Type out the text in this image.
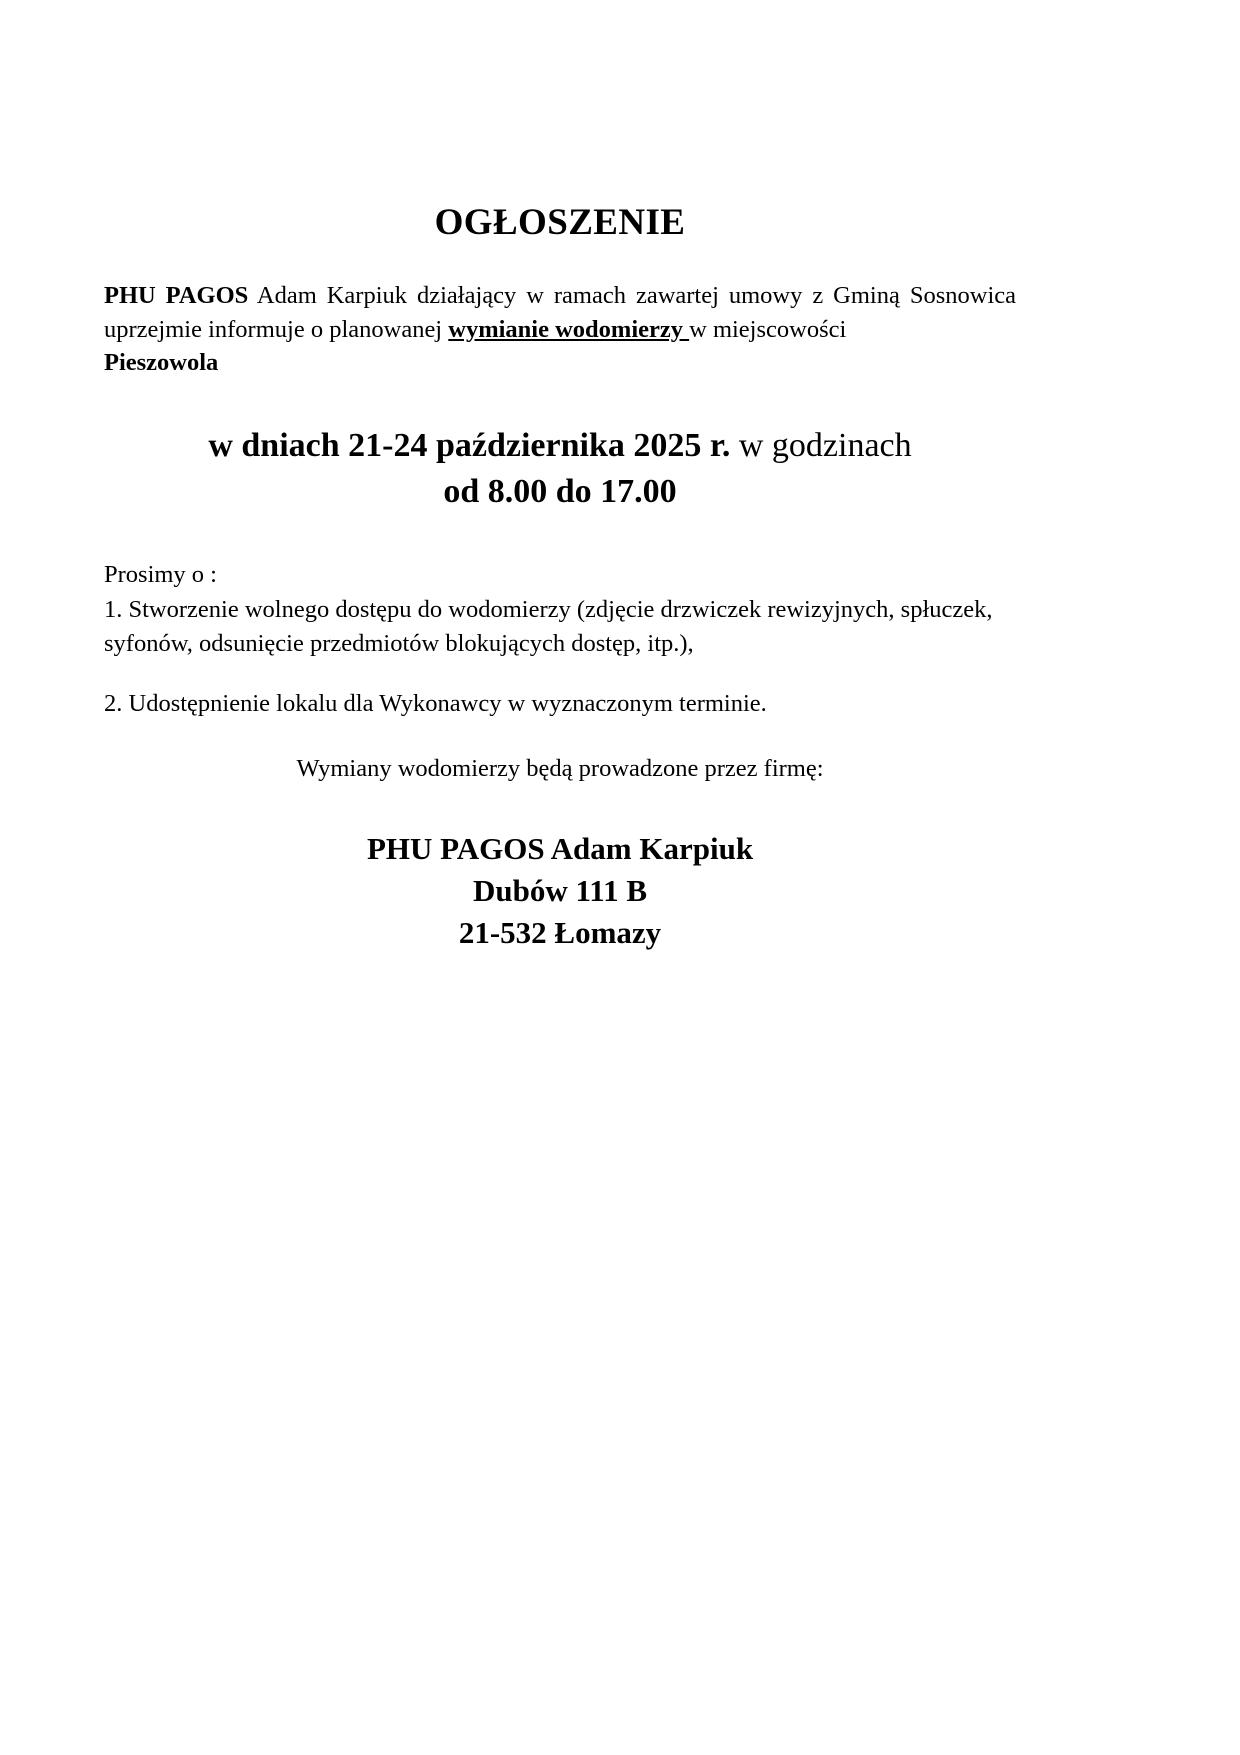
OGŁOSZENIE

PHU PAGOS Adam Karpiuk działający w ramach zawartej umowy z Gminą Sosnowica uprzejmie informuje o planowanej wymianie wodomierzy w miejscowości

Pieszowola

w dniach 21-24 października 2025 r. w godzinach
od 8.00 do 17.00

Prosimy o :

1. Stworzenie wolnego dostępu do wodomierzy (zdjęcie drzwiczek rewizyjnych, spłuczek, syfonów, odsunięcie przedmiotów blokujących dostęp, itp.),

2. Udostępnienie lokalu dla Wykonawcy w wyznaczonym terminie.

Wymiany wodomierzy będą prowadzone przez firmę:

PHU PAGOS Adam Karpiuk

Dubów 111 B

21-532 Łomazy
